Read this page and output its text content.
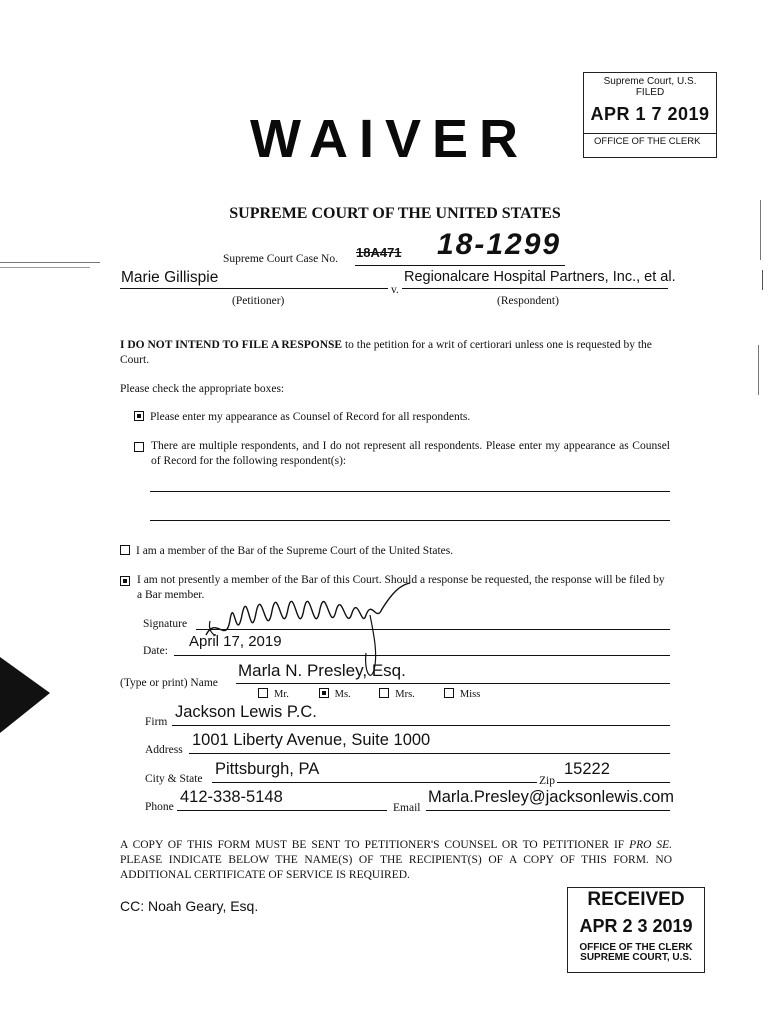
Supreme Court, U.S.
FILED
APR 1 7 2019
OFFICE OF THE CLERK
WAIVER
SUPREME COURT OF THE UNITED STATES
Supreme Court Case No. 18A471 18-1299
Marie Gillispie
v.
Regionalcare Hospital Partners, Inc., et al.
(Petitioner)	(Respondent)
I DO NOT INTEND TO FILE A RESPONSE to the petition for a writ of certiorari unless one is requested by the Court.
Please check the appropriate boxes:
Please enter my appearance as Counsel of Record for all respondents.
There are multiple respondents, and I do not represent all respondents. Please enter my appearance as Counsel of Record for the following respondent(s):
I am a member of the Bar of the Supreme Court of the United States.
I am not presently a member of the Bar of this Court. Should a response be requested, the response will be filed by a Bar member.
Signature
Date:
April 17, 2019
(Type or print) Name
Marla N. Presley, Esq.
Mr.	Ms.	Mrs.	Miss
Firm
Jackson Lewis P.C.
Address
1001 Liberty Avenue, Suite 1000
City & State
Pittsburgh, PA
Zip
15222
Phone
412-338-5148
Email
Marla.Presley@jacksonlewis.com
A COPY OF THIS FORM MUST BE SENT TO PETITIONER'S COUNSEL OR TO PETITIONER IF PRO SE. PLEASE INDICATE BELOW THE NAME(S) OF THE RECIPIENT(S) OF A COPY OF THIS FORM. NO ADDITIONAL CERTIFICATE OF SERVICE IS REQUIRED.
CC: Noah Geary, Esq.	RECEIVED
APR 2 3 2019
OFFICE OF THE CLERK
SUPREME COURT, U.S.
